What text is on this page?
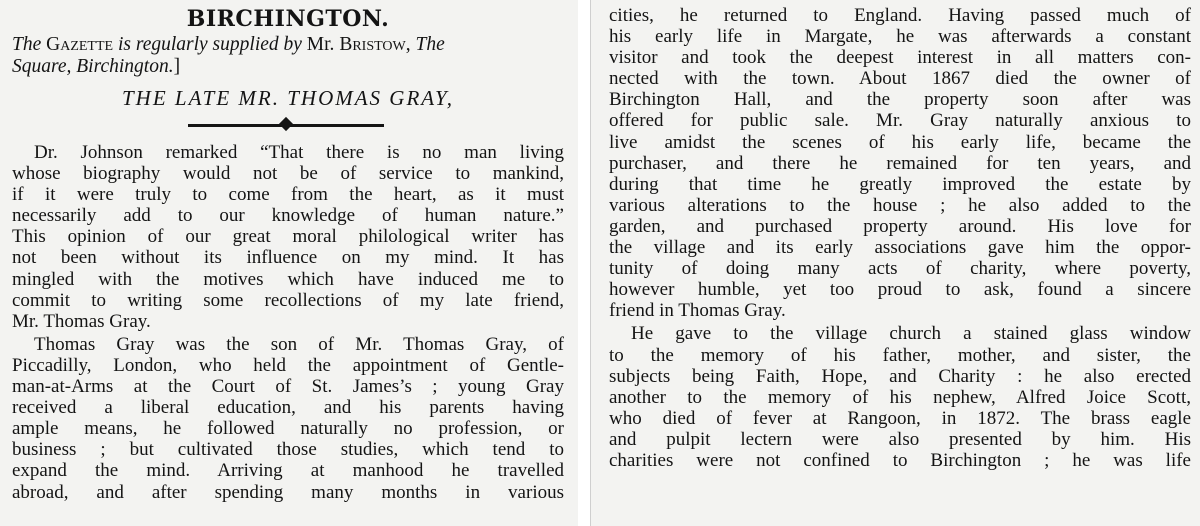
BIRCHINGTON.

The Gazette is regularly supplied by Mr. Bristow, The
Square, Birchington.]

THE LATE MR. THOMAS GRAY,

Dr. Johnson remarked “That there is no man living
whose biography would not be of service to mankind,
if it were truly to come from the heart, as it must
necessarily add to our knowledge of human nature.”
This opinion of our great moral philological writer has
not been without its influence on my mind. It has
mingled with the motives which have induced me to
commit to writing some recollections of my late friend,
Mr. Thomas Gray.
Thomas Gray was the son of Mr. Thomas Gray, of
Piccadilly, London, who held the appointment of Gentle-
man-at-Arms at the Court of St. James’s ; young Gray
received a liberal education, and his parents having
ample means, he followed naturally no profession, or
business ; but cultivated those studies, which tend to
expand the mind. Arriving at manhood he travelled
abroad, and after spending many months in various
cities, he returned to England. Having passed much of
his early life in Margate, he was afterwards a constant
visitor and took the deepest interest in all matters con-
nected with the town. About 1867 died the owner of
Birchington Hall, and the property soon after was
offered for public sale. Mr. Gray naturally anxious to
live amidst the scenes of his early life, became the
purchaser, and there he remained for ten years, and
during that time he greatly improved the estate by
various alterations to the house ; he also added to the
garden, and purchased property around. His love for
the village and its early associations gave him the oppor-
tunity of doing many acts of charity, where poverty,
however humble, yet too proud to ask, found a sincere
friend in Thomas Gray.
He gave to the village church a stained glass window
to the memory of his father, mother, and sister, the
subjects being Faith, Hope, and Charity : he also erected
another to the memory of his nephew, Alfred Joice Scott,
who died of fever at Rangoon, in 1872. The brass eagle
and pulpit lectern were also presented by him. His
charities were not confined to Birchington ; he was life
